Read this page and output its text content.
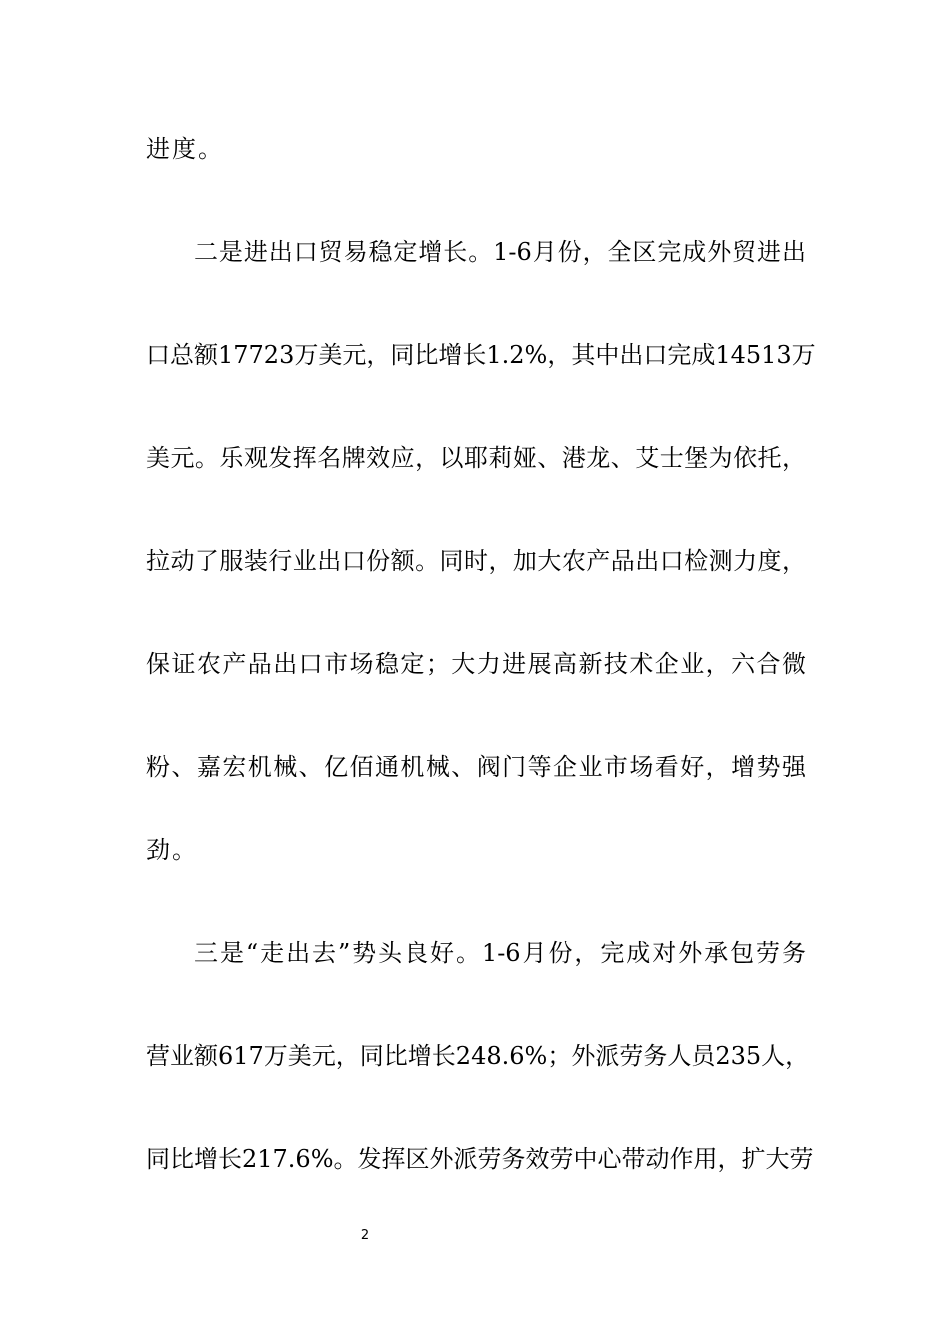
进度。
二是进出口贸易稳定增长。1-6月份，全区完成外贸进出
口总额17723万美元，同比增长1.2%，其中出口完成14513万
美元。乐观发挥名牌效应，以耶莉娅、港龙、艾士堡为依托，
拉动了服装行业出口份额。同时，加大农产品出口检测力度，
保证农产品出口市场稳定；大力进展高新技术企业，六合微
粉、嘉宏机械、亿佰通机械、阀门等企业市场看好，增势强
劲。
三是“走出去”势头良好。1-6月份，完成对外承包劳务
营业额617万美元，同比增长248.6%；外派劳务人员235人，
同比增长217.6%。发挥区外派劳务效劳中心带动作用，扩大劳
2
